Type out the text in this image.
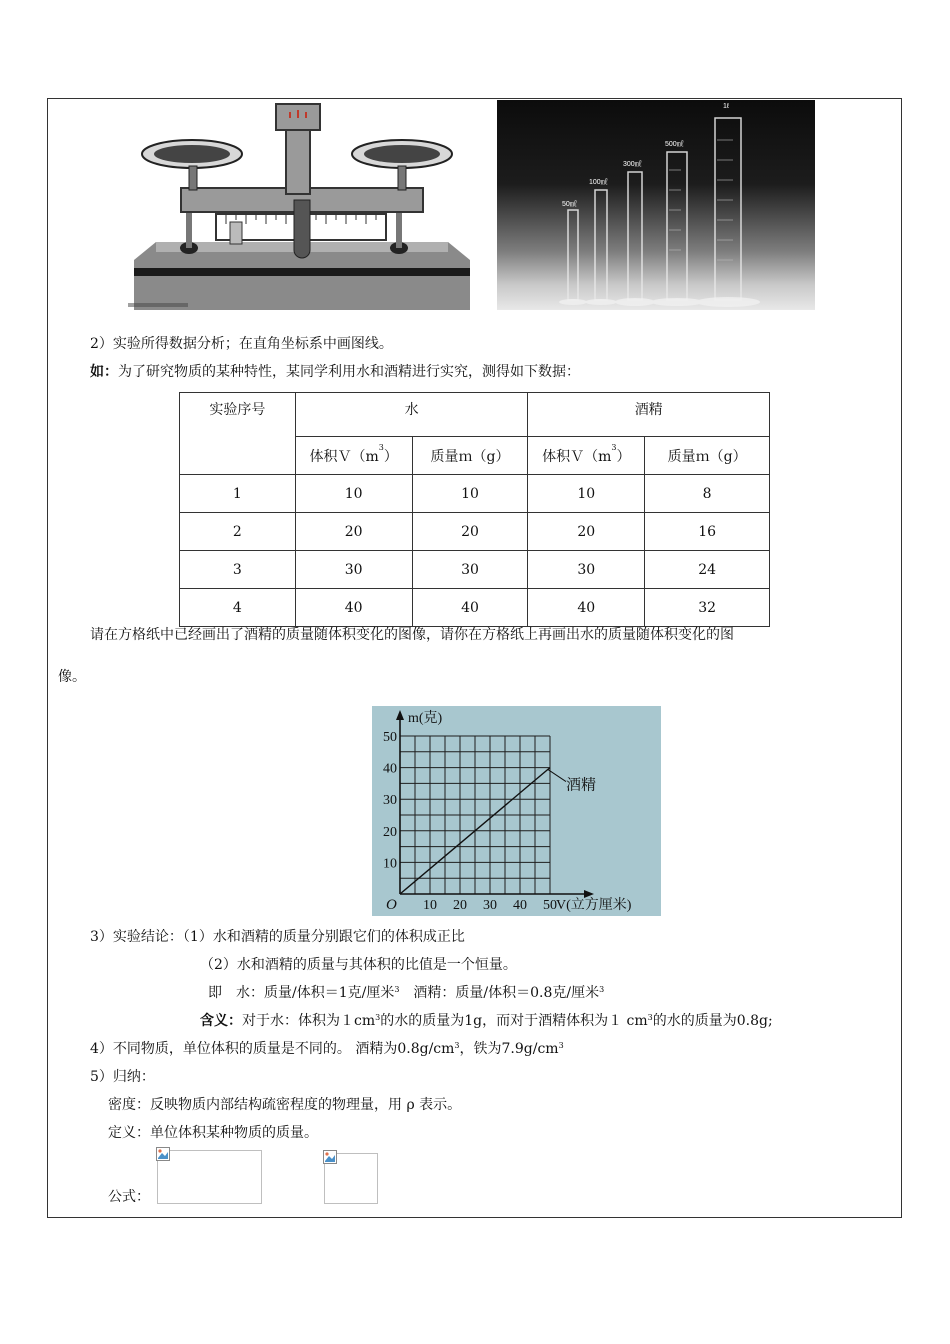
50㎖
100㎖
300㎖
500㎖
1ℓ
2）实验所得数据分析；在直角坐标系中画图线。
如：为了研究物质的某种特性，某同学利用水和酒精进行实究，测得如下数据：
实验序号	水		酒精	
	体积$V(m^3)$	质量ｍ（g）	体积$V(m^3)$	质量ｍ（g）
1	10	10	10	8
2	20	20	20	16
3	30	30	30	24
4	40	40	40	32
请在方格纸中已经画出了酒精的质量随体积变化的图像，请你在方格纸上再画出水的质量随体积变化的图
像。
10 20 30 40 50
10
20
30
40
50
O
m(克)
V(立方厘米)
酒精
3）实验结论：（1）水和酒精的质量分别跟它们的体积成正比
（2）水和酒精的质量与其体积的比值是一个恒量。
即　水：质量/体积＝1克/厘米$^3$　酒精：质量/体积＝0.8克/厘米$^3$
含义：对于水：体积为$1cm^3$的水的质量为1g，而对于酒精体积为１ $cm^3$的水的质量为0.8g;
4）不同物质，单位体积的质量是不同的。 酒精为$0.8g/cm^3$，铁为$7.9g/cm^3$
5）归纳：
密度：反映物质内部结构疏密程度的物理量，用 ρ 表示。
定义：单位体积某种物质的质量。
公式：
